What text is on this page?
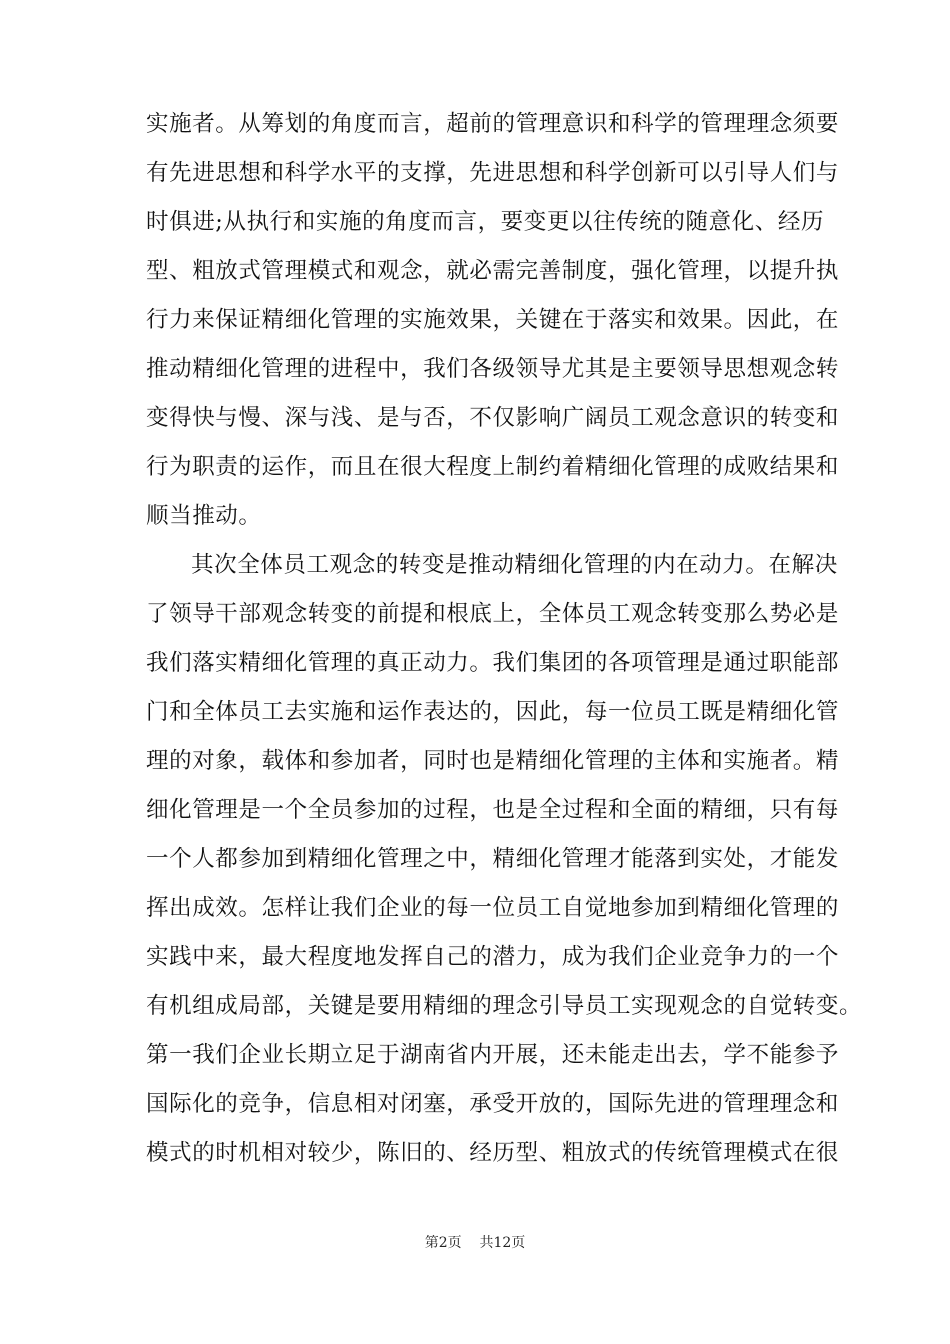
实施者。从筹划的角度而言，超前的管理意识和科学的管理理念须要
有先进思想和科学水平的支撑，先进思想和科学创新可以引导人们与
时俱进;从执行和实施的角度而言，要变更以往传统的随意化、经历
型、粗放式管理模式和观念，就必需完善制度，强化管理，以提升执
行力来保证精细化管理的实施效果，关键在于落实和效果。因此，在
推动精细化管理的进程中，我们各级领导尤其是主要领导思想观念转
变得快与慢、深与浅、是与否，不仅影响广阔员工观念意识的转变和
行为职责的运作，而且在很大程度上制约着精细化管理的成败结果和
顺当推动。
其次全体员工观念的转变是推动精细化管理的内在动力。在解决
了领导干部观念转变的前提和根底上，全体员工观念转变那么势必是
我们落实精细化管理的真正动力。我们集团的各项管理是通过职能部
门和全体员工去实施和运作表达的，因此，每一位员工既是精细化管
理的对象，载体和参加者，同时也是精细化管理的主体和实施者。精
细化管理是一个全员参加的过程，也是全过程和全面的精细，只有每
一个人都参加到精细化管理之中，精细化管理才能落到实处，才能发
挥出成效。怎样让我们企业的每一位员工自觉地参加到精细化管理的
实践中来，最大程度地发挥自己的潜力，成为我们企业竞争力的一个
有机组成局部，关键是要用精细的理念引导员工实现观念的自觉转变。
第一我们企业长期立足于湖南省内开展，还未能走出去，学不能参予
国际化的竞争，信息相对闭塞，承受开放的，国际先进的管理理念和
模式的时机相对较少，陈旧的、经历型、粗放式的传统管理模式在很
第2页    共12页
